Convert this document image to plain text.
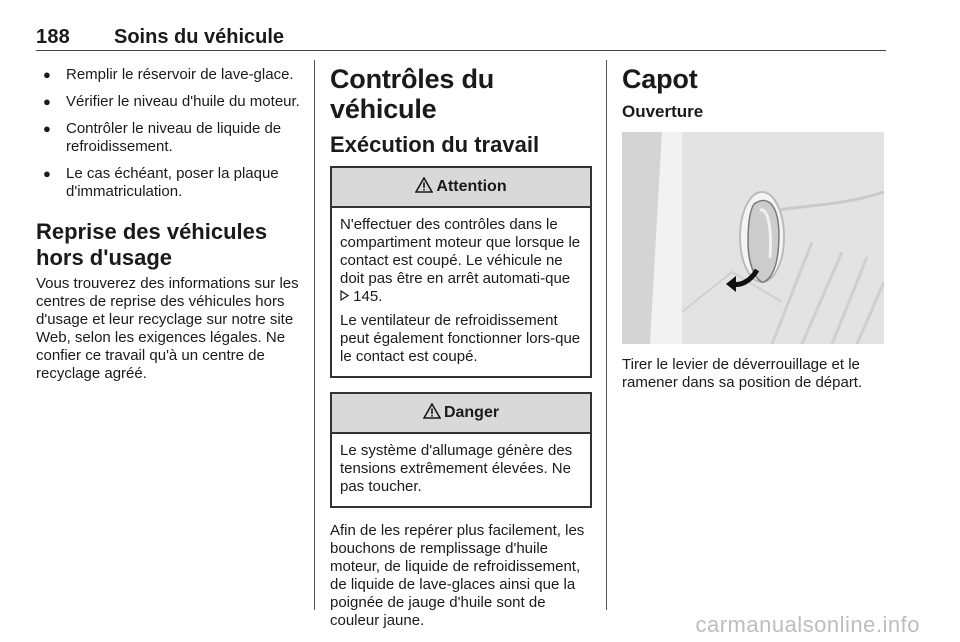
188 Soins du véhicule
● Remplir le réservoir de lave-glace.
● Vérifier le niveau d'huile du moteur.
● Contrôler le niveau de liquide de refroidissement.
● Le cas échéant, poser la plaque d'immatriculation.
Reprise des véhicules hors d'usage

Vous trouverez des informations sur les centres de reprise des véhicules hors d'usage et leur recyclage sur notre site Web, selon les exigences légales. Ne confier ce travail qu'à un centre de recyclage agréé.

Contrôles du véhicule
Exécution du travail
Attention

N'effectuer des contrôles dans le compartiment moteur que lorsque le contact est coupé. Le véhicule ne doit pas être en arrêt automati-que  145.

Le ventilateur de refroidissement peut également fonctionner lors-que le contact est coupé.

Danger

Le système d'allumage génère des tensions extrêmement élevées. Ne pas toucher.

Afin de les repérer plus facilement, les bouchons de remplissage d'huile moteur, de liquide de refroidissement, de liquide de lave-glaces ainsi que la poignée de jauge d'huile sont de couleur jaune.

Capot
Ouverture

Tirer le levier de déverrouillage et le ramener dans sa position de départ.

carmanualsonline.info
